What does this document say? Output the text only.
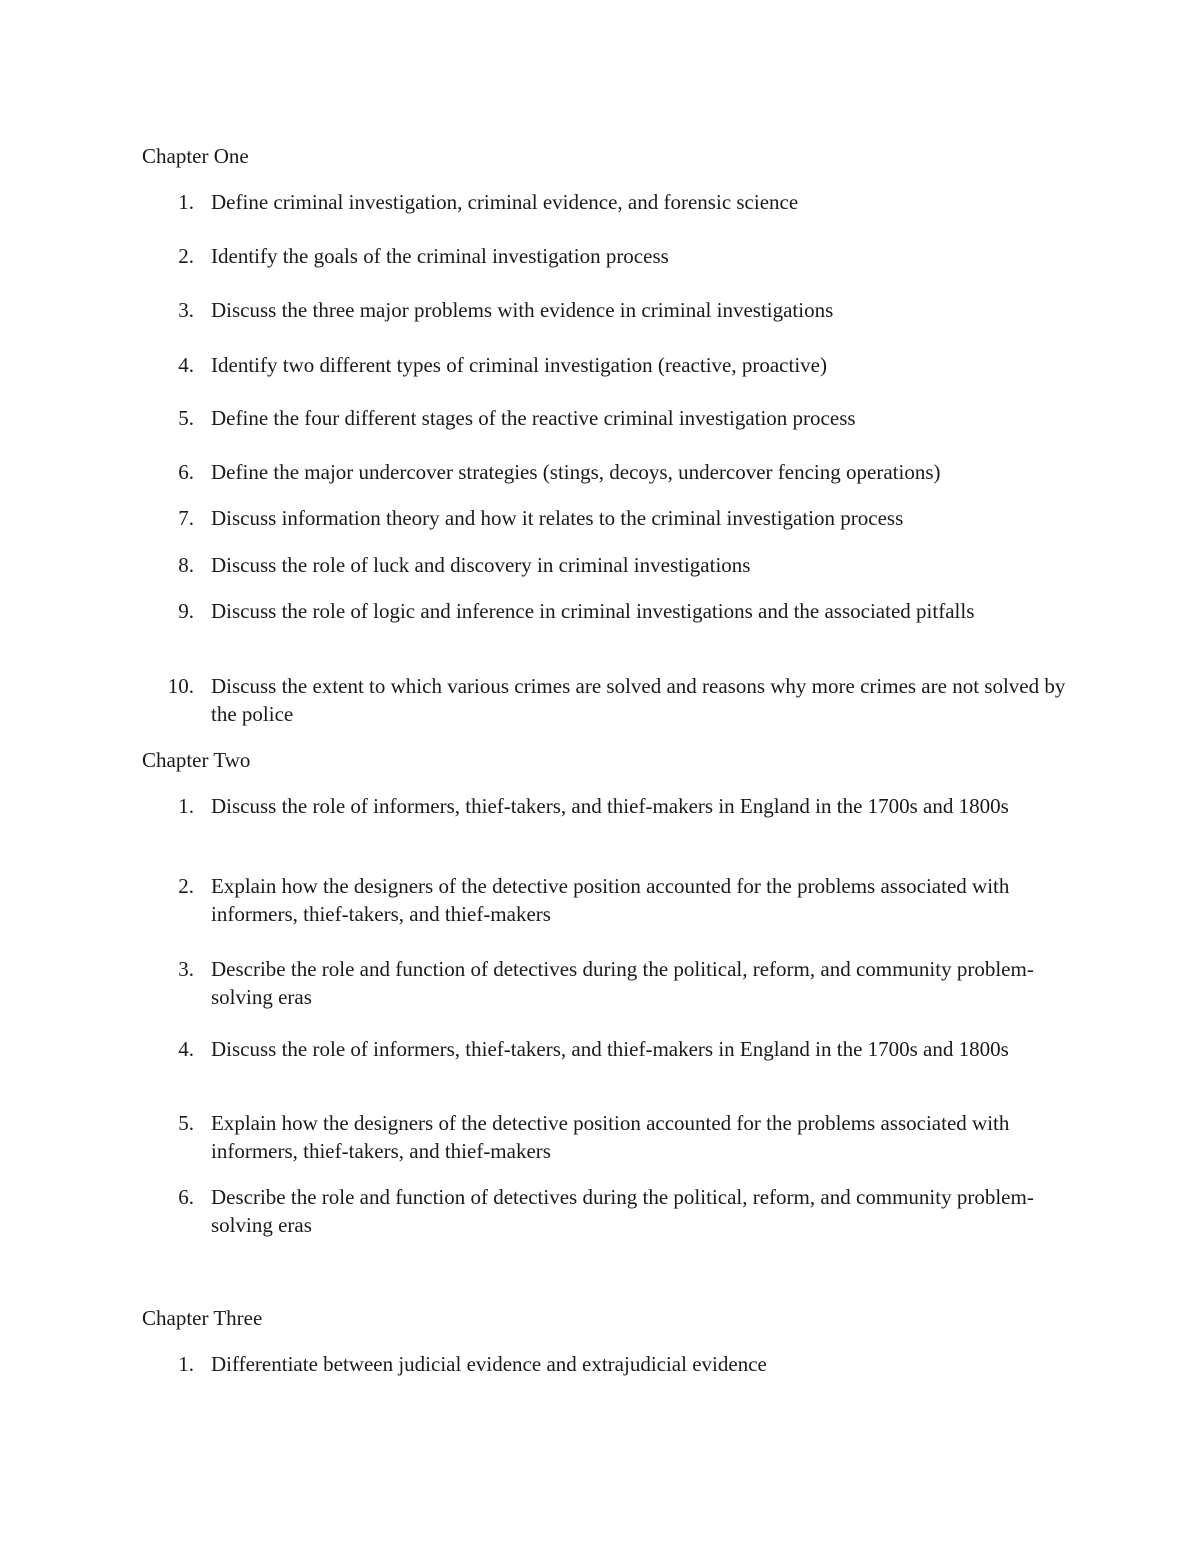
Chapter One
1. Define criminal investigation, criminal evidence, and forensic science
2. Identify the goals of the criminal investigation process
3. Discuss the three major problems with evidence in criminal investigations
4. Identify two different types of criminal investigation (reactive, proactive)
5. Define the four different stages of the reactive criminal investigation process
6. Define the major undercover strategies (stings, decoys, undercover fencing operations)
7. Discuss information theory and how it relates to the criminal investigation process
8. Discuss the role of luck and discovery in criminal investigations
9. Discuss the role of logic and inference in criminal investigations and the associated pitfalls
10. Discuss the extent to which various crimes are solved and reasons why more crimes are not solved by the police
Chapter Two
1. Discuss the role of informers, thief-takers, and thief-makers in England in the 1700s and 1800s
2. Explain how the designers of the detective position accounted for the problems associated with informers, thief-takers, and thief-makers
3. Describe the role and function of detectives during the political, reform, and community problem-solving eras
4. Discuss the role of informers, thief-takers, and thief-makers in England in the 1700s and 1800s
5. Explain how the designers of the detective position accounted for the problems associated with informers, thief-takers, and thief-makers
6. Describe the role and function of detectives during the political, reform, and community problem-solving eras
Chapter Three
1. Differentiate between judicial evidence and extrajudicial evidence
